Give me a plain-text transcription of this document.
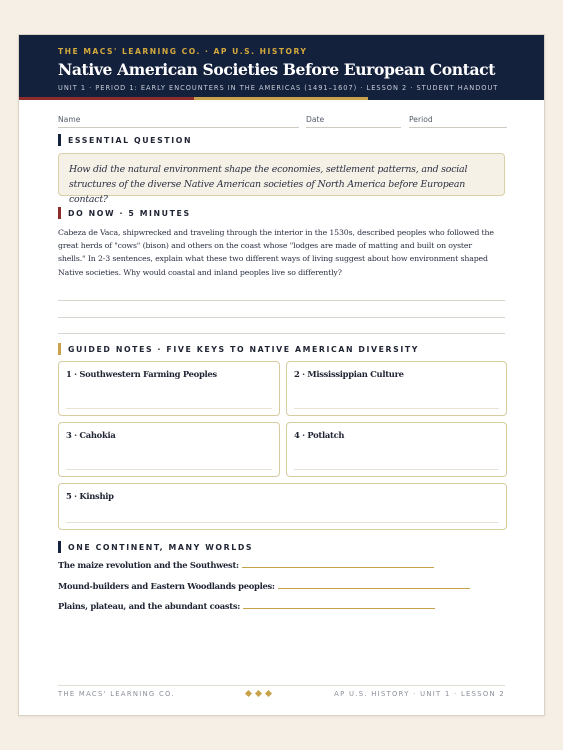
THE MACS' LEARNING CO. · AP U.S. HISTORY
Native American Societies Before European Contact
UNIT 1 · PERIOD 1: EARLY ENCOUNTERS IN THE AMERICAS (1491–1607) · LESSON 2 · STUDENT HANDOUT
Name	Date	Period
ESSENTIAL QUESTION
How did the natural environment shape the economies, settlement patterns, and social
structures of the diverse Native American societies of North America before European contact?
DO NOW · 5 MINUTES
Cabeza de Vaca, shipwrecked and traveling through the interior in the 1530s, described peoples who followed the
great herds of "cows" (bison) and others on the coast whose "lodges are made of matting and built on oyster
shells." In 2-3 sentences, explain what these two different ways of living suggest about how environment shaped
Native societies. Why would coastal and inland peoples live so differently?
GUIDED NOTES · FIVE KEYS TO NATIVE AMERICAN DIVERSITY
1 · Southwestern Farming Peoples	2 · Mississippian Culture
3 · Cahokia	4 · Potlatch
5 · Kinship
ONE CONTINENT, MANY WORLDS
The maize revolution and the Southwest:
Mound-builders and Eastern Woodlands peoples:
Plains, plateau, and the abundant coasts:
THE MACS' LEARNING CO.	AP U.S. HISTORY · UNIT 1 · LESSON 2
